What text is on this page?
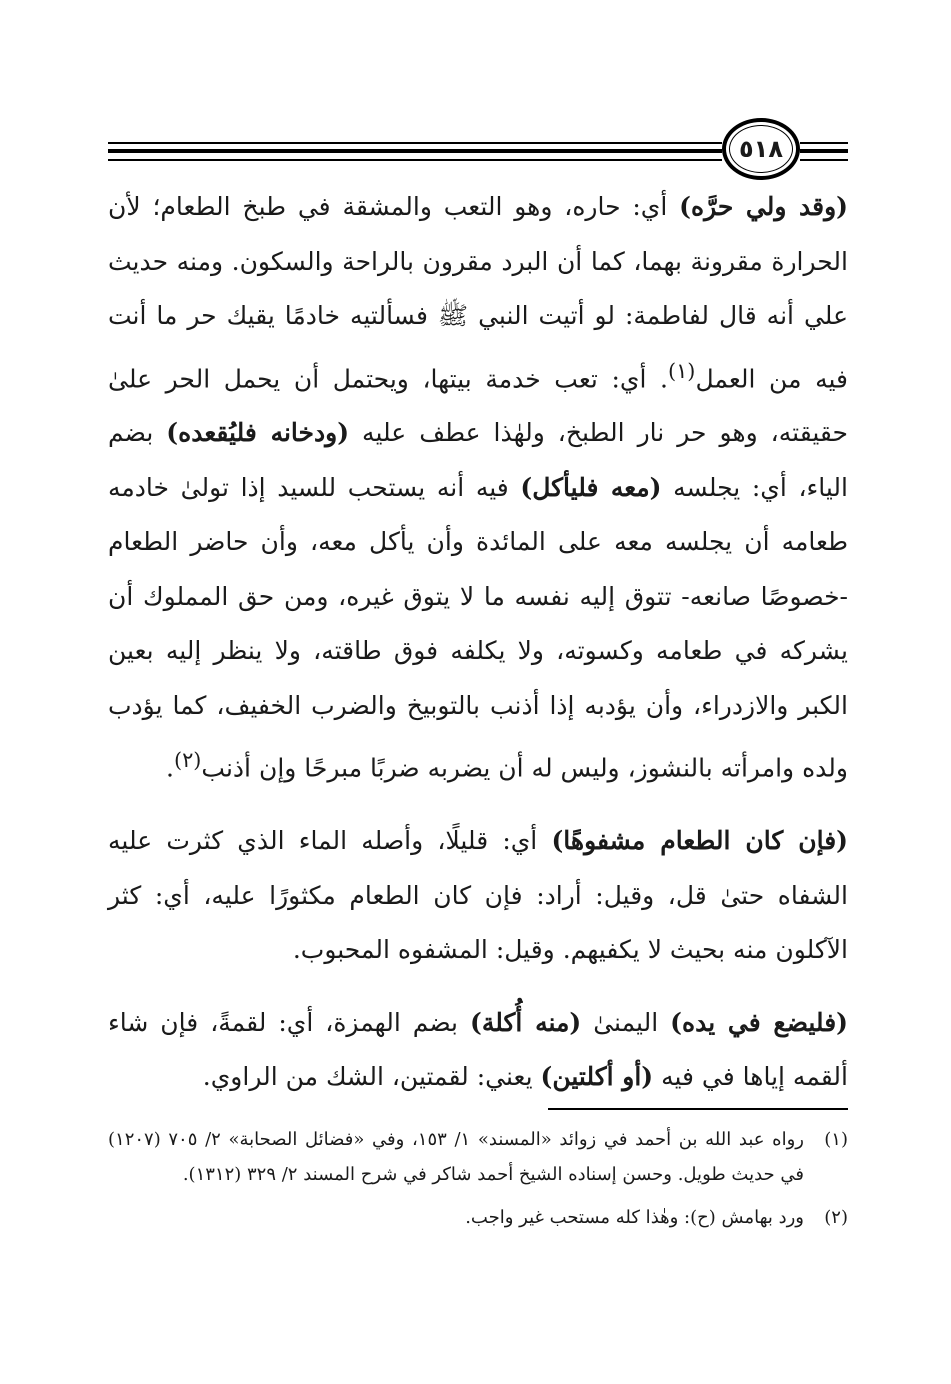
٥١٨

(وقد ولي حرَّه) أي: حاره، وهو التعب والمشقة في طبخ الطعام؛ لأن الحرارة مقرونة بهما، كما أن البرد مقرون بالراحة والسكون. ومنه حديث علي أنه قال لفاطمة: لو أتيت النبي ﷺ فسألتيه خادمًا يقيك حر ما أنت فيه من العمل$^{(١)}$. أي: تعب خدمة بيتها، ويحتمل أن يحمل الحر علىٰ حقيقته، وهو حر نار الطبخ، ولهٰذا عطف عليه (ودخانه فليُقعده) بضم الياء، أي: يجلسه (معه فليأكل) فيه أنه يستحب للسيد إذا تولىٰ خادمه طعامه أن يجلسه معه على المائدة وأن يأكل معه، وأن حاضر الطعام -خصوصًا صانعه- تتوق إليه نفسه ما لا يتوق غيره، ومن حق المملوك أن يشركه في طعامه وكسوته، ولا يكلفه فوق طاقته، ولا ينظر إليه بعين الكبر والازدراء، وأن يؤدبه إذا أذنب بالتوبيخ والضرب الخفيف، كما يؤدب ولده وامرأته بالنشوز، وليس له أن يضربه ضربًا مبرحًا وإن أذنب$^{(٢)}$.

(فإن كان الطعام مشفوهًا) أي: قليلًا، وأصله الماء الذي كثرت عليه الشفاه حتىٰ قل، وقيل: أراد: فإن كان الطعام مكثورًا عليه، أي: كثر الآكلون منه بحيث لا يكفيهم. وقيل: المشفوه المحبوب.

(فليضع في يده) اليمنىٰ (منه أُكلة) بضم الهمزة، أي: لقمةً، فإن شاء ألقمه إياها في فيه (أو أكلتين) يعني: لقمتين، الشك من الراوي.

(١)
رواه عبد الله بن أحمد في زوائد «المسند» ١/ ١٥٣، وفي «فضائل الصحابة» ٢/ ٧٠٥ (١٢٠٧) في حديث طويل. وحسن إسناده الشيخ أحمد شاكر في شرح المسند ٢/ ٣٢٩ (١٣١٢).
(٢)
ورد بهامش (ح): وهٰذا كله مستحب غير واجب.
